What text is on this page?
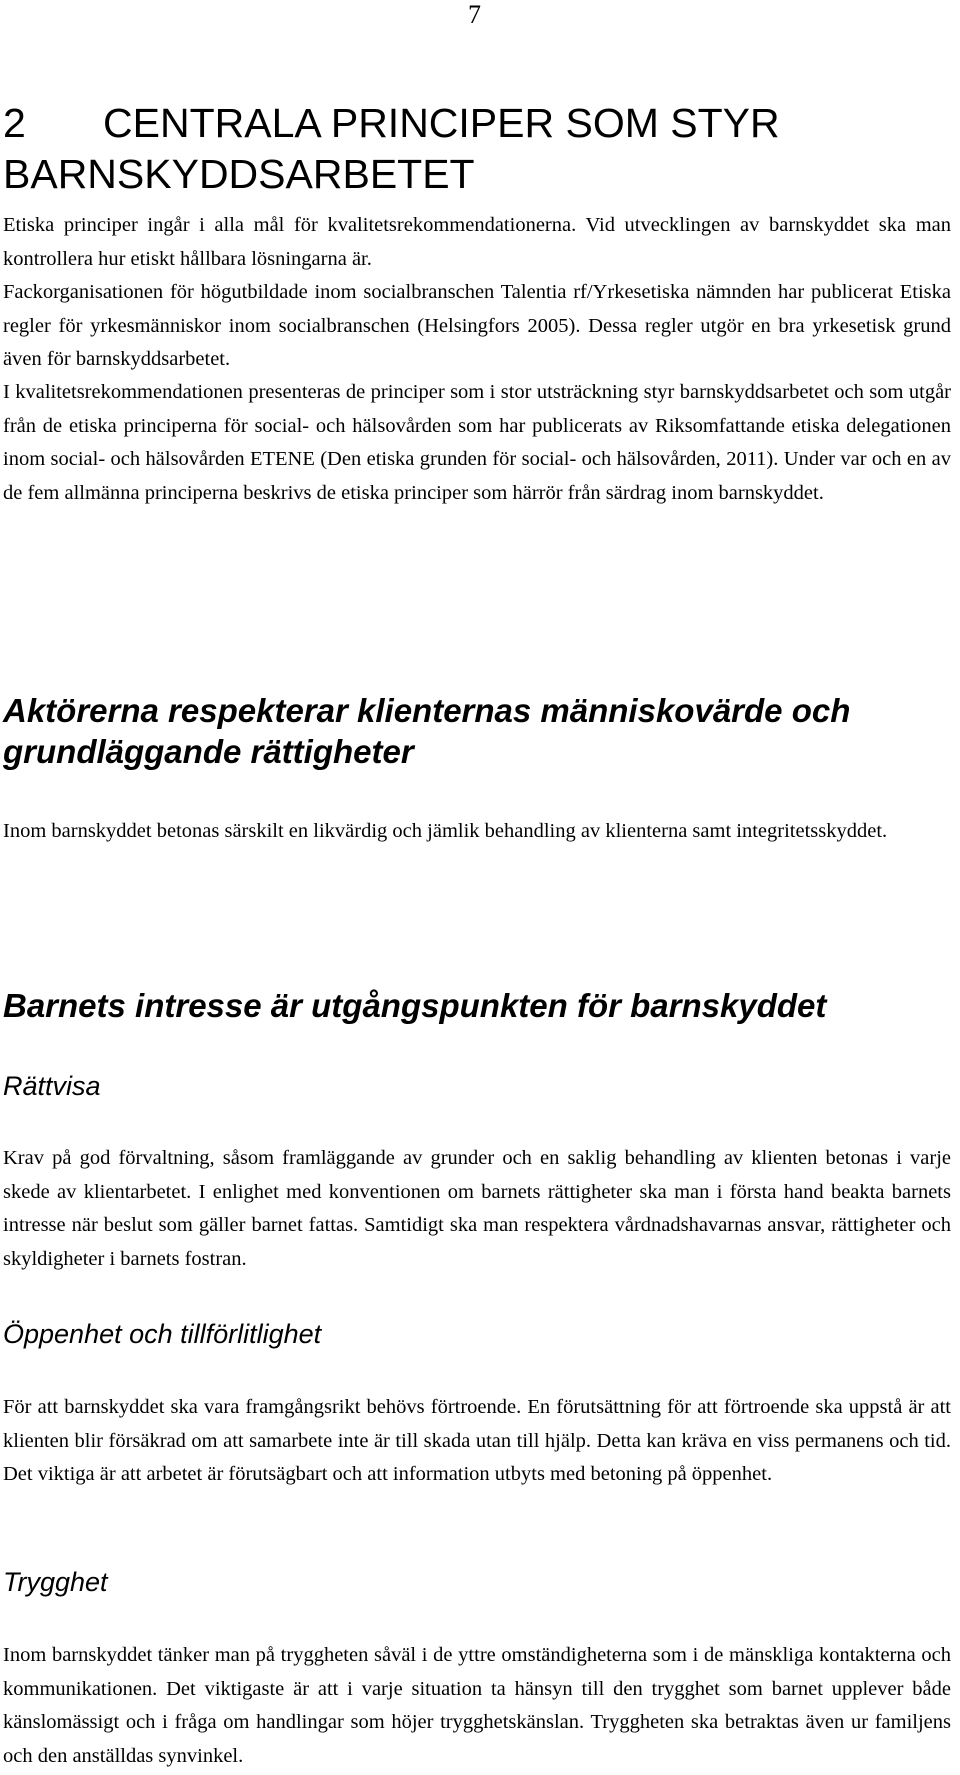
7
2 CENTRALA PRINCIPER SOM STYR BARNSKYDDSARBETET

Etiska principer ingår i alla mål för kvalitetsrekommendationerna. Vid utvecklingen av barnskyddet ska man kontrollera hur etiskt hållbara lösningarna är.

Fackorganisationen för högutbildade inom socialbranschen Talentia rf/Yrkesetiska nämnden har publicerat Etiska regler för yrkesmänniskor inom socialbranschen (Helsingfors 2005). Dessa regler utgör en bra yrkesetisk grund även för barnskyddsarbetet.

I kvalitetsrekommendationen presenteras de principer som i stor utsträckning styr barnskyddsarbetet och som utgår från de etiska principerna för social- och hälsovården som har publicerats av Riksomfattande etiska delegationen inom social- och hälsovården ETENE (Den etiska grunden för social- och hälsovården, 2011). Under var och en av de fem allmänna principerna beskrivs de etiska principer som härrör från särdrag inom barnskyddet.

Aktörerna respekterar klienternas människovärde och grundläggande rättigheter

Inom barnskyddet betonas särskilt en likvärdig och jämlik behandling av klienterna samt integritetsskyddet.

Barnets intresse är utgångspunkten för barnskyddet
Rättvisa

Krav på god förvaltning, såsom framläggande av grunder och en saklig behandling av klienten betonas i varje skede av klientarbetet. I enlighet med konventionen om barnets rättigheter ska man i första hand beakta barnets intresse när beslut som gäller barnet fattas. Samtidigt ska man respektera vårdnadshavarnas ansvar, rättigheter och skyldigheter i barnets fostran.

Öppenhet och tillförlitlighet

För att barnskyddet ska vara framgångsrikt behövs förtroende. En förutsättning för att förtroende ska uppstå är att klienten blir försäkrad om att samarbete inte är till skada utan till hjälp. Detta kan kräva en viss permanens och tid. Det viktiga är att arbetet är förutsägbart och att information utbyts med betoning på öppenhet.

Trygghet

Inom barnskyddet tänker man på tryggheten såväl i de yttre omständigheterna som i de mänskliga kontakterna och kommunikationen. Det viktigaste är att i varje situation ta hänsyn till den trygghet som barnet upplever både känslomässigt och i fråga om handlingar som höjer trygghetskänslan. Tryggheten ska betraktas även ur familjens och den anställdas synvinkel.
